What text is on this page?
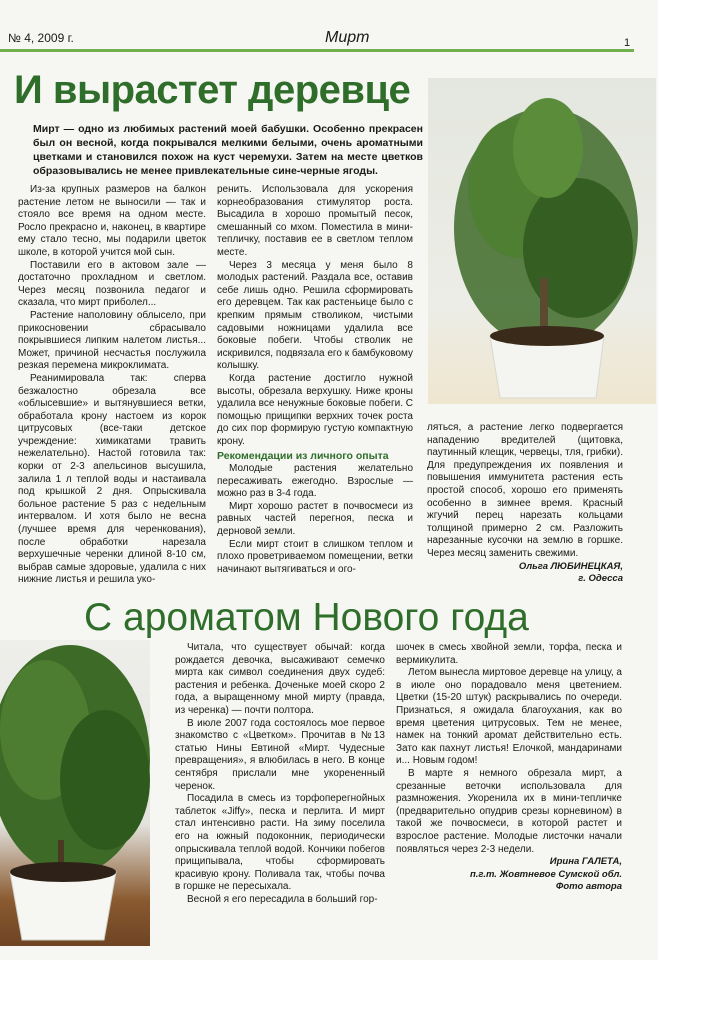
№ 4, 2009 г.	Мирт	1
И вырастет деревце
Мирт — одно из любимых растений моей бабушки. Особенно прекрасен был он весной, когда покрывался мелкими белыми, очень ароматными цветками и становился похож на куст черемухи. Затем на месте цветков образовывались не менее привлекательные сине-черные ягоды.

Из-за крупных размеров на балкон растение летом не выносили — так и стояло все время на одном месте. Росло прекрасно и, наконец, в квартире ему стало тесно, мы подарили цветок школе, в которой учится мой сын.

Поставили его в актовом зале — достаточно прохладном и светлом. Через месяц позвонила педагог и сказала, что мирт приболел...

Растение наполовину облысело, при прикосновении сбрасывало покрывшиеся липким налетом листья... Может, причиной несчастья послужила резкая перемена микроклимата.

Реанимировала так: сперва безжалостно обрезала все «облысевшие» и вытянувшиеся ветки, обработала крону настоем из корок цитрусовых (все-таки детское учреждение: химикатами травить нежелательно). Настой готовила так: корки от 2-3 апельсинов высушила, залила 1 л теплой воды и настаивала под крышкой 2 дня. Опрыскивала больное растение 5 раз с недельным интервалом. И хотя было не весна (лучшее время для черенкования), после обработки нарезала верхушечные черенки длиной 8-10 см, выбрав самые здоровые, удалила с них нижние листья и решила уко-

ренить. Использовала для ускорения корнеобразования стимулятор роста. Высадила в хорошо промытый песок, смешанный со мхом. Поместила в мини-тепличку, поставив ее в светлом теплом месте.

Через 3 месяца у меня было 8 молодых растений. Раздала все, оставив себе лишь одно. Решила сформировать его деревцем. Так как растеньице было с крепким прямым стволиком, чистыми садовыми ножницами удалила все боковые побеги. Чтобы стволик не искривился, подвязала его к бамбуковому колышку.

Когда растение достигло нужной высоты, обрезала верхушку. Ниже кроны удалила все ненужные боковые побеги. С помощью прищипки верхних точек роста до сих пор формирую густую компактную крону.

Рекомендации из личного опыта

Молодые растения желательно пересаживать ежегодно. Взрослые — можно раз в 3-4 года.

Мирт хорошо растет в почвосмеси из равных частей перегноя, песка и дерновой земли.

Если мирт стоит в слишком теплом и плохо проветриваемом помещении, ветки начинают вытягиваться и ого-

ляться, а растение легко подвергается нападению вредителей (щитовка, паутинный клещик, червецы, тля, грибки). Для предупреждения их появления и повышения иммунитета растения есть простой способ, хорошо его применять особенно в зимнее время. Красный жгучий перец нарезать кольцами толщиной примерно 2 см. Разложить нарезанные кусочки на землю в горшке. Через месяц заменить свежими.

Ольга ЛЮБИНЕЦКАЯ,

г. Одесса

С ароматом Нового года

Читала, что существует обычай: когда рождается девочка, высаживают семечко мирта как символ соединения двух судеб: растения и ребенка. Доченьке моей скоро 2 года, а выращенному мной мирту (правда, из черенка) — почти полтора.

В июле 2007 года состоялось мое первое знакомство с «Цветком». Прочитав в №13 статью Нины Евтиной «Мирт. Чудесные превращения», я влюбилась в него. В конце сентября прислали мне укорененный черенок.

Посадила в смесь из торфоперегнойных таблеток «Jiffy», песка и перлита. И мирт стал интенсивно расти. На зиму поселила его на южный подоконник, периодически опрыскивала теплой водой. Кончики побегов прищипывала, чтобы сформировать красивую крону. Поливала так, чтобы почва в горшке не пересыхала.

Весной я его пересадила в больший гор-

шочек в смесь хвойной земли, торфа, песка и вермикулита.

Летом вынесла миртовое деревце на улицу, а в июле оно порадовало меня цветением. Цветки (15-20 штук) раскрывались по очереди. Признаться, я ожидала благоухания, как во время цветения цитрусовых. Тем не менее, намек на тонкий аромат действительно есть. Зато как пахнут листья! Елочкой, мандаринами и... Новым годом!

В марте я немного обрезала мирт, а срезанные веточки использовала для размножения. Укоренила их в мини-тепличке (предварительно опудрив срезы корневином) в такой же почвосмеси, в которой растет и взрослое растение. Молодые листочки начали появляться через 2-3 недели.

Ирина ГАЛЕТА,

п.г.т. Жовтневое Сумской обл.

Фото автора
